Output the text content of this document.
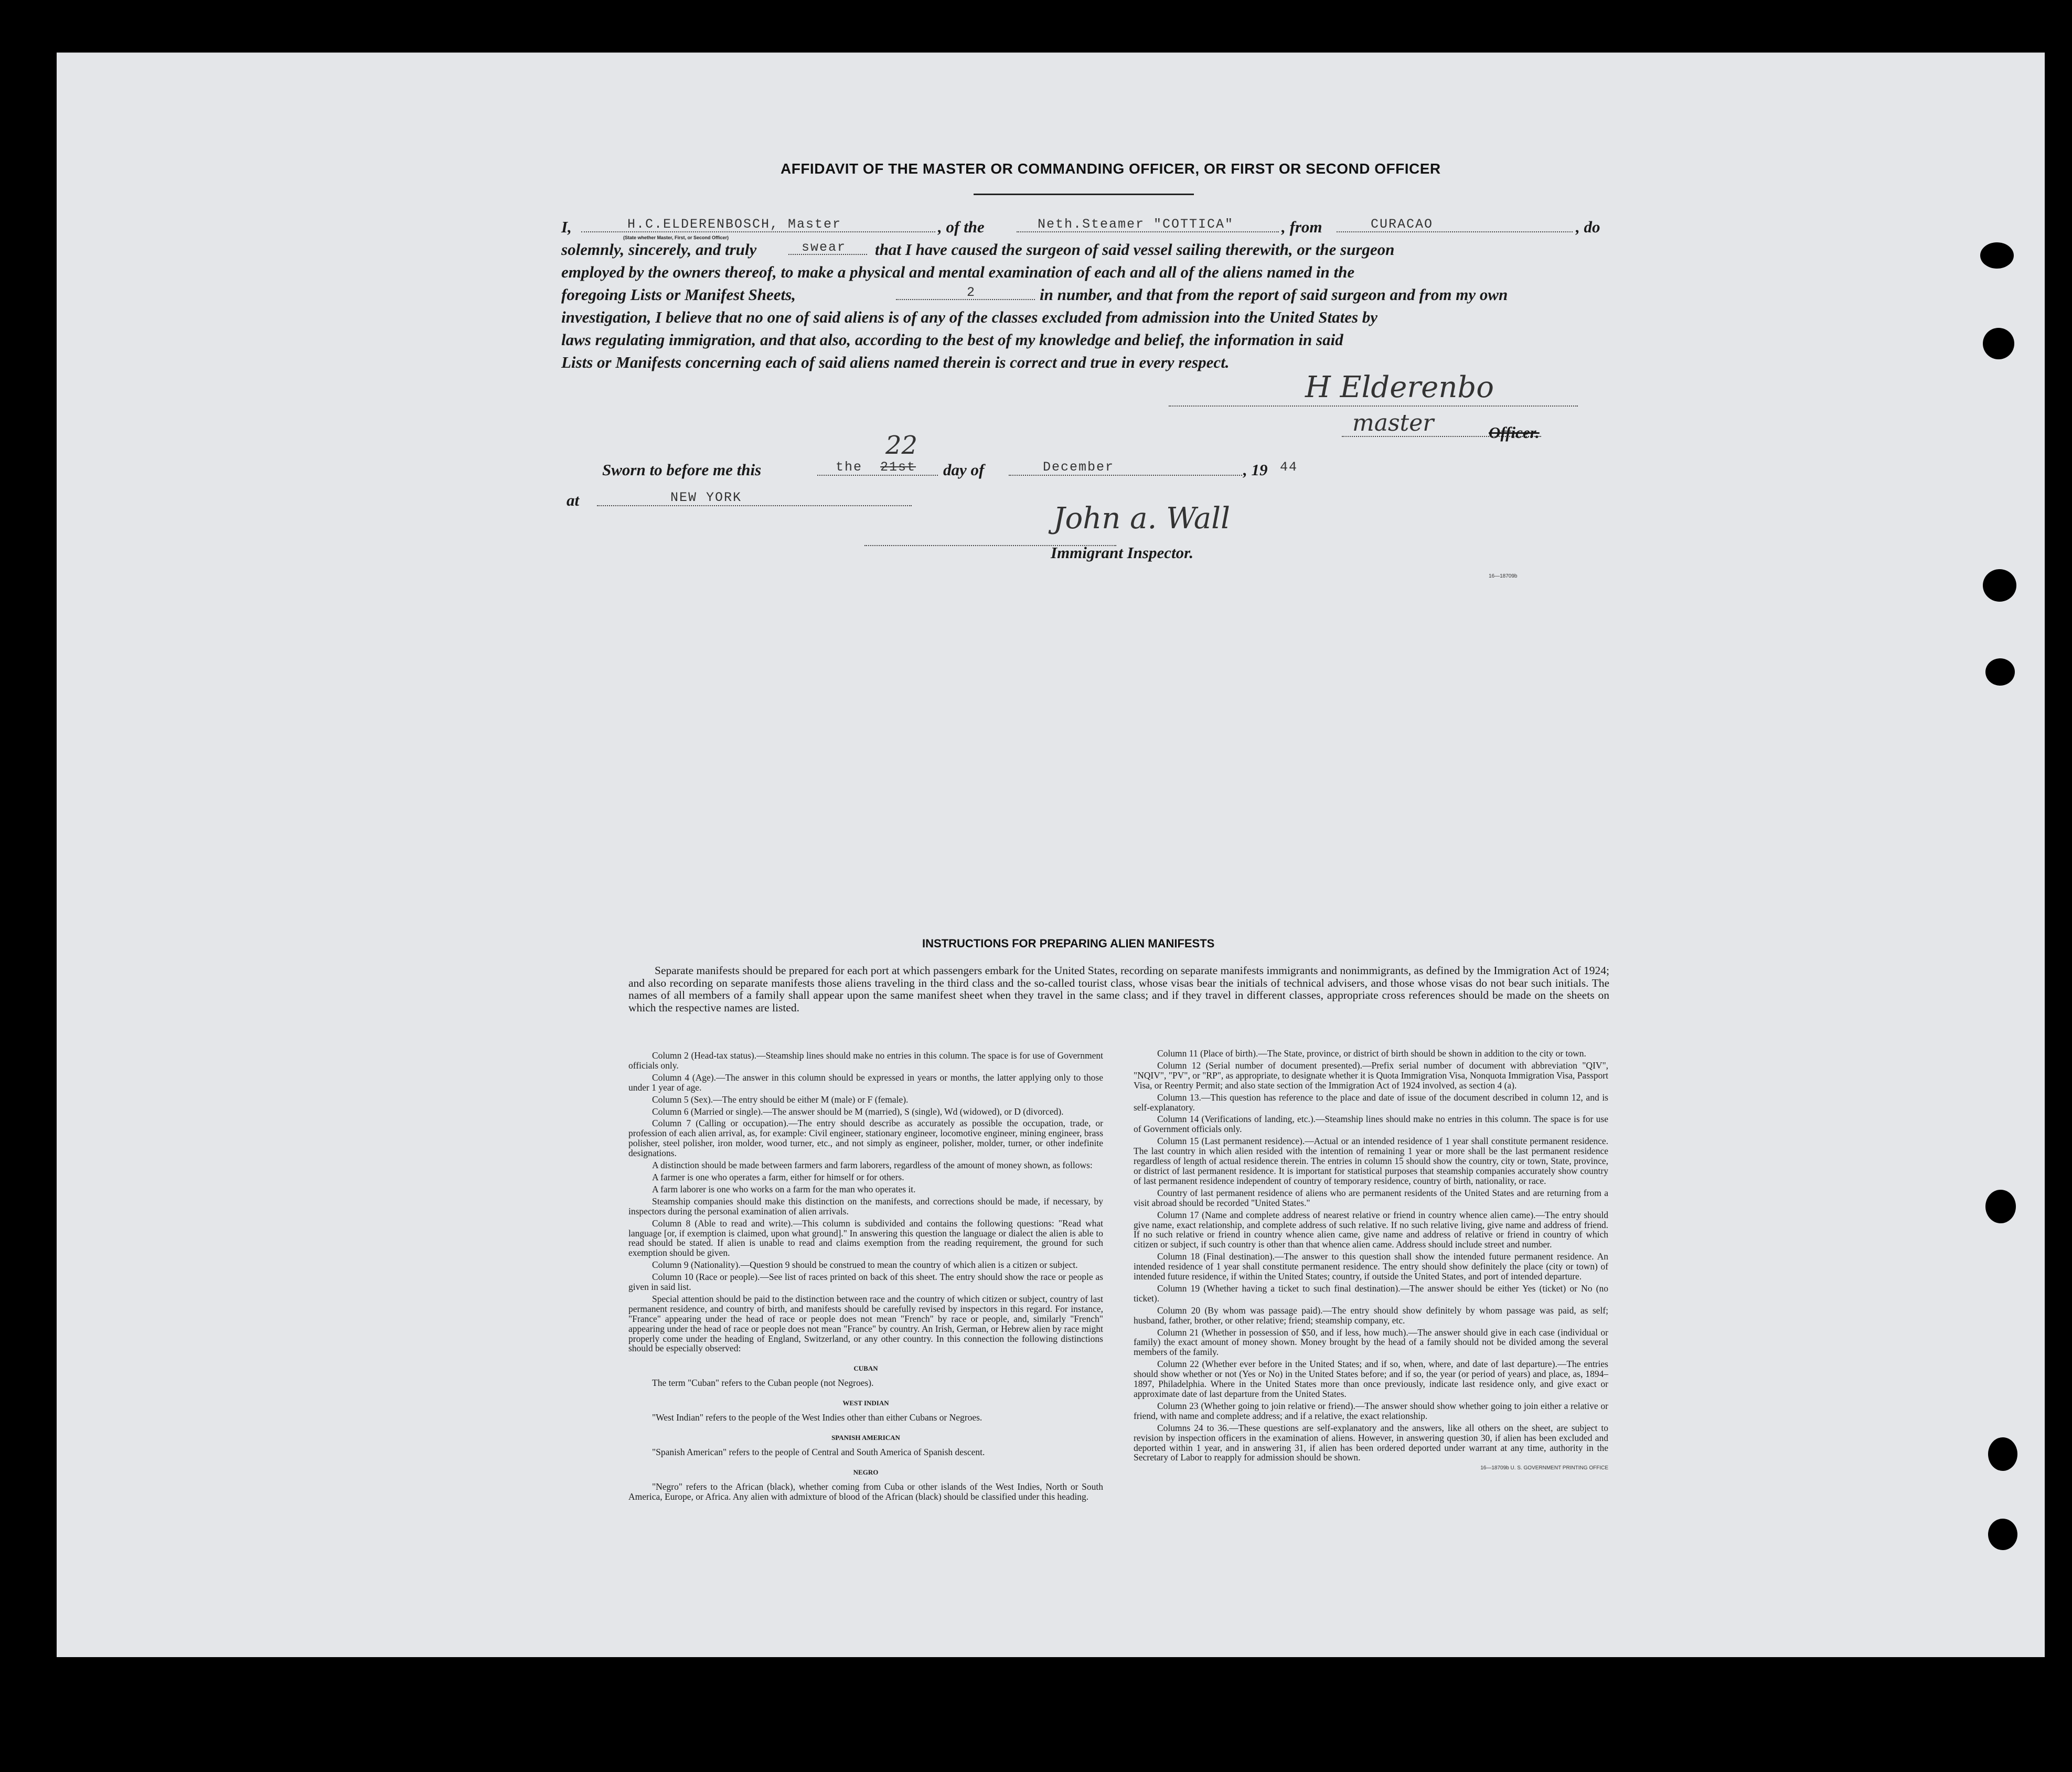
AFFIDAVIT OF THE MASTER OR COMMANDING OFFICER, OR FIRST OR SECOND OFFICER
I,	H.C.ELDERENBOSCH, Master
(State whether Master, First, or Second Officer)
, of the	Neth.Steamer "COTTICA"	, from	CURACAO	, do
solemnly, sincerely, and truly	swear that I have caused the surgeon of said vessel sailing therewith, or the surgeon
employed by the owners thereof, to make a physical and mental examination of each and all of the aliens named in the
foregoing Lists or Manifest Sheets,	2	in number, and that from the report of said surgeon and from my own
investigation, I believe that no one of said aliens is of any of the classes excluded from admission into the United States by
laws regulating immigration, and that also, according to the best of my knowledge and belief, the information in said
Lists or Manifests concerning each of said aliens named therein is correct and true in every respect.
H Elderenbo
master	Officer.
Sworn to before me this	the 21st
22
day of	December	, 19 44
at	NEW YORK
John a. Wall
Immigrant Inspector.
16—18709b
INSTRUCTIONS FOR PREPARING ALIEN MANIFESTS
Separate manifests should be prepared for each port at which passengers embark for the United States, recording on separate manifests immigrants and nonimmigrants, as defined by the Immigration Act of 1924; and also recording on separate manifests those aliens traveling in the third class and the so-called tourist class, whose visas bear the initials of technical advisers, and those whose visas do not bear such initials. The names of all members of a family shall appear upon the same manifest sheet when they travel in the same class; and if they travel in different classes, appropriate cross references should be made on the sheets on which the respective names are listed.

Column 2 (Head-tax status).—Steamship lines should make no entries in this column. The space is for use of Government officials only.

Column 4 (Age).—The answer in this column should be expressed in years or months, the latter applying only to those under 1 year of age.

Column 5 (Sex).—The entry should be either M (male) or F (female).

Column 6 (Married or single).—The answer should be M (married), S (single), Wd (widowed), or D (divorced).

Column 7 (Calling or occupation).—The entry should describe as accurately as possible the occupation, trade, or profession of each alien arrival, as, for example: Civil engineer, stationary engineer, locomotive engineer, mining engineer, brass polisher, steel polisher, iron molder, wood turner, etc., and not simply as engineer, polisher, molder, turner, or other indefinite designations.

A distinction should be made between farmers and farm laborers, regardless of the amount of money shown, as follows:

A farmer is one who operates a farm, either for himself or for others.

A farm laborer is one who works on a farm for the man who operates it.

Steamship companies should make this distinction on the manifests, and corrections should be made, if necessary, by inspectors during the personal examination of alien arrivals.

Column 8 (Able to read and write).—This column is subdivided and contains the following questions: "Read what language [or, if exemption is claimed, upon what ground]." In answering this question the language or dialect the alien is able to read should be stated. If alien is unable to read and claims exemption from the reading requirement, the ground for such exemption should be given.

Column 9 (Nationality).—Question 9 should be construed to mean the country of which alien is a citizen or subject.

Column 10 (Race or people).—See list of races printed on back of this sheet. The entry should show the race or people as given in said list.

Special attention should be paid to the distinction between race and the country of which citizen or subject, country of last permanent residence, and country of birth, and manifests should be carefully revised by inspectors in this regard. For instance, "France" appearing under the head of race or people does not mean "French" by race or people, and, similarly "French" appearing under the head of race or people does not mean "France" by country. An Irish, German, or Hebrew alien by race might properly come under the heading of England, Switzerland, or any other country. In this connection the following distinctions should be especially observed:

CUBAN

The term "Cuban" refers to the Cuban people (not Negroes).

WEST INDIAN

"West Indian" refers to the people of the West Indies other than either Cubans or Negroes.

SPANISH AMERICAN

"Spanish American" refers to the people of Central and South America of Spanish descent.

NEGRO

"Negro" refers to the African (black), whether coming from Cuba or other islands of the West Indies, North or South America, Europe, or Africa. Any alien with admixture of blood of the African (black) should be classified under this heading.

Column 11 (Place of birth).—The State, province, or district of birth should be shown in addition to the city or town.

Column 12 (Serial number of document presented).—Prefix serial number of document with abbreviation "QIV", "NQIV", "PV", or "RP", as appropriate, to designate whether it is Quota Immigration Visa, Nonquota Immigration Visa, Passport Visa, or Reentry Permit; and also state section of the Immigration Act of 1924 involved, as section 4 (a).

Column 13.—This question has reference to the place and date of issue of the document described in column 12, and is self-explanatory.

Column 14 (Verifications of landing, etc.).—Steamship lines should make no entries in this column. The space is for use of Government officials only.

Column 15 (Last permanent residence).—Actual or an intended residence of 1 year shall constitute permanent residence. The last country in which alien resided with the intention of remaining 1 year or more shall be the last permanent residence regardless of length of actual residence therein. The entries in column 15 should show the country, city or town, State, province, or district of last permanent residence. It is important for statistical purposes that steamship companies accurately show country of last permanent residence independent of country of temporary residence, country of birth, nationality, or race.

Country of last permanent residence of aliens who are permanent residents of the United States and are returning from a visit abroad should be recorded "United States."

Column 17 (Name and complete address of nearest relative or friend in country whence alien came).—The entry should give name, exact relationship, and complete address of such relative. If no such relative living, give name and address of friend. If no such relative or friend in country whence alien came, give name and address of relative or friend in country of which citizen or subject, if such country is other than that whence alien came. Address should include street and number.

Column 18 (Final destination).—The answer to this question shall show the intended future permanent residence. An intended residence of 1 year shall constitute permanent residence. The entry should show definitely the place (city or town) of intended future residence, if within the United States; country, if outside the United States, and port of intended departure.

Column 19 (Whether having a ticket to such final destination).—The answer should be either Yes (ticket) or No (no ticket).

Column 20 (By whom was passage paid).—The entry should show definitely by whom passage was paid, as self; husband, father, brother, or other relative; friend; steamship company, etc.

Column 21 (Whether in possession of $50, and if less, how much).—The answer should give in each case (individual or family) the exact amount of money shown. Money brought by the head of a family should not be divided among the several members of the family.

Column 22 (Whether ever before in the United States; and if so, when, where, and date of last departure).—The entries should show whether or not (Yes or No) in the United States before; and if so, the year (or period of years) and place, as, 1894–1897, Philadelphia. Where in the United States more than once previously, indicate last residence only, and give exact or approximate date of last departure from the United States.

Column 23 (Whether going to join relative or friend).—The answer should show whether going to join either a relative or friend, with name and complete address; and if a relative, the exact relationship.

Columns 24 to 36.—These questions are self-explanatory and the answers, like all others on the sheet, are subject to revision by inspection officers in the examination of aliens. However, in answering question 30, if alien has been excluded and deported within 1 year, and in answering 31, if alien has been ordered deported under warrant at any time, authority in the Secretary of Labor to reapply for admission should be shown.

16—18709b U. S. GOVERNMENT PRINTING OFFICE
